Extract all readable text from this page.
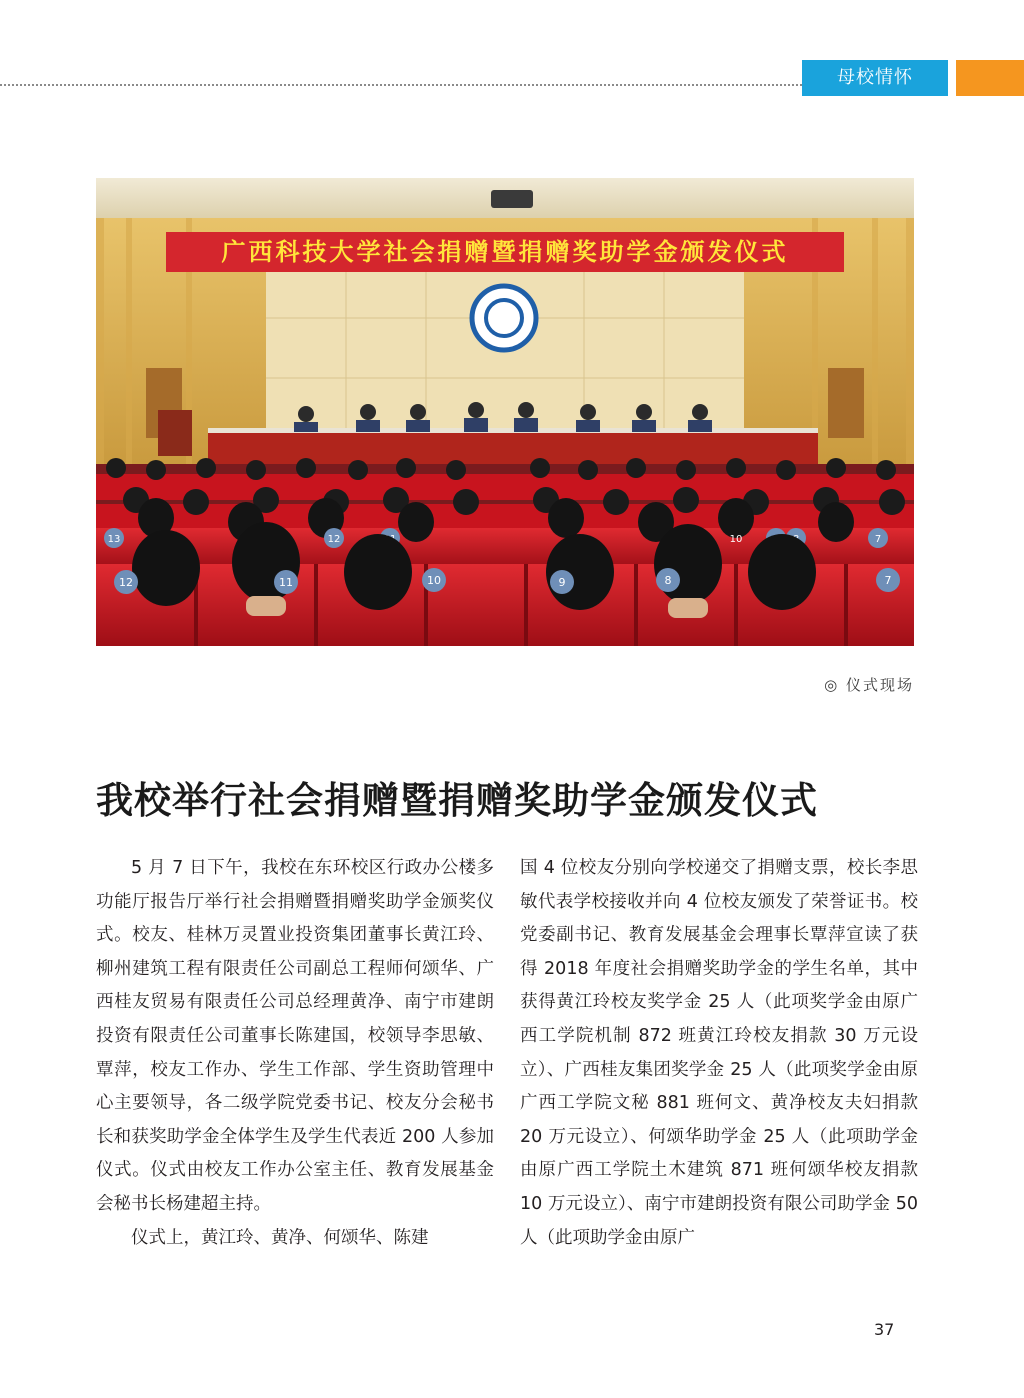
母校情怀
广西科技大学社会捐赠暨捐赠奖助学金颁发仪式
13	12	7
12	11	10	9	8	7
10
◎ 仪式现场
我校举行社会捐赠暨捐赠奖助学金颁发仪式

5 月 7 日下午，我校在东环校区行政办公楼多功能厅报告厅举行社会捐赠暨捐赠奖助学金颁奖仪式。校友、桂林万灵置业投资集团董事长黄江玲、柳州建筑工程有限责任公司副总工程师何颂华、广西桂友贸易有限责任公司总经理黄净、南宁市建朗投资有限责任公司董事长陈建国，校领导李思敏、覃萍，校友工作办、学生工作部、学生资助管理中心主要领导，各二级学院党委书记、校友分会秘书长和获奖助学金全体学生及学生代表近 200 人参加仪式。仪式由校友工作办公室主任、教育发展基金会秘书长杨建超主持。

仪式上，黄江玲、黄净、何颂华、陈建

国 4 位校友分别向学校递交了捐赠支票，校长李思敏代表学校接收并向 4 位校友颁发了荣誉证书。校党委副书记、教育发展基金会理事长覃萍宣读了获得 2018 年度社会捐赠奖助学金的学生名单，其中获得黄江玲校友奖学金 25 人（此项奖学金由原广西工学院机制 872 班黄江玲校友捐款 30 万元设立）、广西桂友集团奖学金 25 人（此项奖学金由原广西工学院文秘 881 班何文、黄净校友夫妇捐款 20 万元设立）、何颂华助学金 25 人（此项助学金由原广西工学院土木建筑 871 班何颂华校友捐款 10 万元设立）、南宁市建朗投资有限公司助学金 50 人（此项助学金由原广

37
